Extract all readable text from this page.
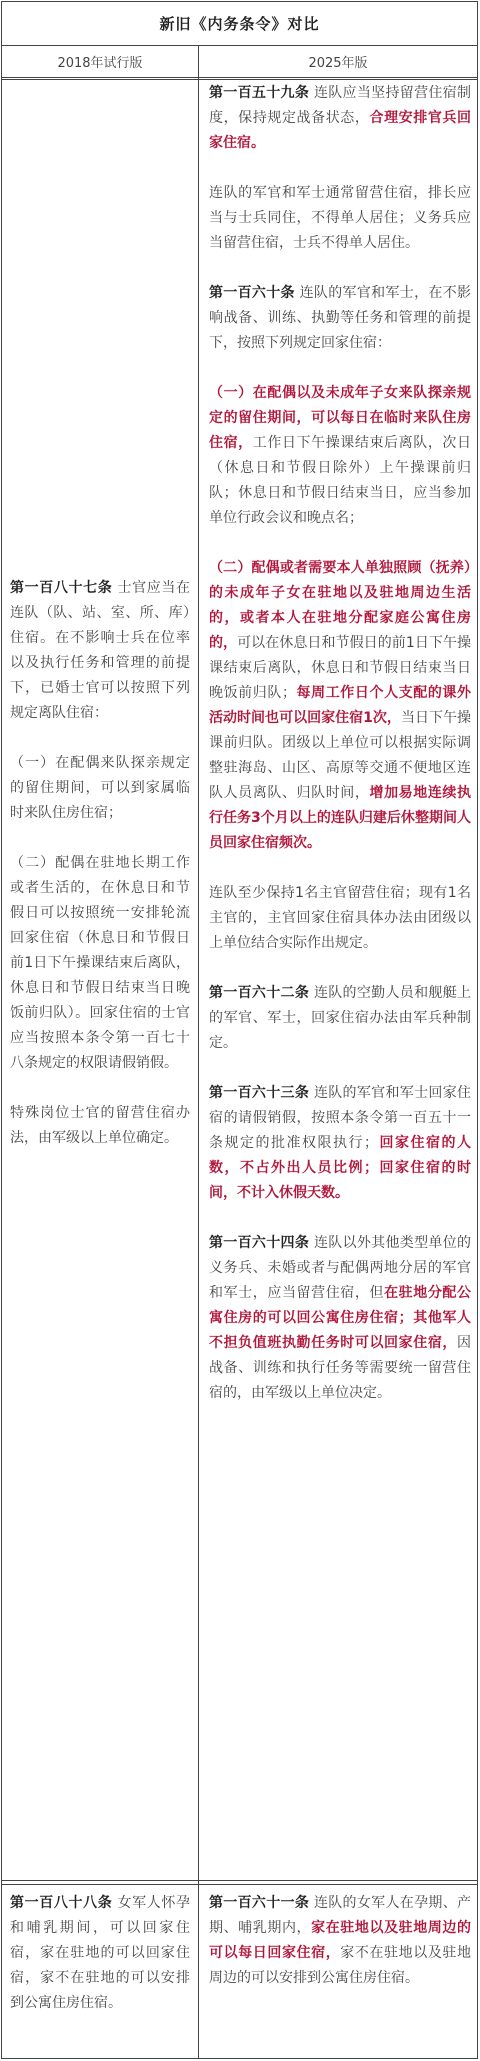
新旧《内务条令》对比
2018年试行版	2025年版

第一百八十七条 士官应当在连队（队、站、室、所、库）住宿。在不影响士兵在位率以及执行任务和管理的前提下，已婚士官可以按照下列规定离队住宿：

（一）在配偶来队探亲规定的留住期间，可以到家属临时来队住房住宿；

（二）配偶在驻地长期工作或者生活的，在休息日和节假日可以按照统一安排轮流回家住宿（休息日和节假日前1日下午操课结束后离队，休息日和节假日结束当日晚饭前归队）。回家住宿的士官应当按照本条令第一百七十八条规定的权限请假销假。

特殊岗位士官的留营住宿办法，由军级以上单位确定。

第一百五十九条 连队应当坚持留营住宿制度，保持规定战备状态，合理安排官兵回家住宿。

连队的军官和军士通常留营住宿，排长应当与士兵同住，不得单人居住；义务兵应当留营住宿，士兵不得单人居住。

第一百六十条 连队的军官和军士，在不影响战备、训练、执勤等任务和管理的前提下，按照下列规定回家住宿：

（一）在配偶以及未成年子女来队探亲规定的留住期间，可以每日在临时来队住房住宿，工作日下午操课结束后离队，次日（休息日和节假日除外）上午操课前归队；休息日和节假日结束当日，应当参加单位行政会议和晚点名；

（二）配偶或者需要本人单独照顾（抚养）的未成年子女在驻地以及驻地周边生活的，或者本人在驻地分配家庭公寓住房的，可以在休息日和节假日的前1日下午操课结束后离队，休息日和节假日结束当日晚饭前归队；每周工作日个人支配的课外活动时间也可以回家住宿1次，当日下午操课前归队。团级以上单位可以根据实际调整驻海岛、山区、高原等交通不便地区连队人员离队、归队时间，增加易地连续执行任务3个月以上的连队归建后休整期间人员回家住宿频次。

连队至少保持1名主官留营住宿；现有1名主官的，主官回家住宿具体办法由团级以上单位结合实际作出规定。

第一百六十二条 连队的空勤人员和舰艇上的军官、军士，回家住宿办法由军兵种制定。

第一百六十三条 连队的军官和军士回家住宿的请假销假，按照本条令第一百五十一条规定的批准权限执行；回家住宿的人数，不占外出人员比例；回家住宿的时间，不计入休假天数。

第一百六十四条 连队以外其他类型单位的义务兵、未婚或者与配偶两地分居的军官和军士，应当留营住宿，但在驻地分配公寓住房的可以回公寓住房住宿；其他军人不担负值班执勤任务时可以回家住宿，因战备、训练和执行任务等需要统一留营住宿的，由军级以上单位决定。

第一百八十八条 女军人怀孕和哺乳期间，可以回家住宿，家在驻地的可以回家住宿，家不在驻地的可以安排到公寓住房住宿。

第一百六十一条 连队的女军人在孕期、产期、哺乳期内，家在驻地以及驻地周边的可以每日回家住宿，家不在驻地以及驻地周边的可以安排到公寓住房住宿。
